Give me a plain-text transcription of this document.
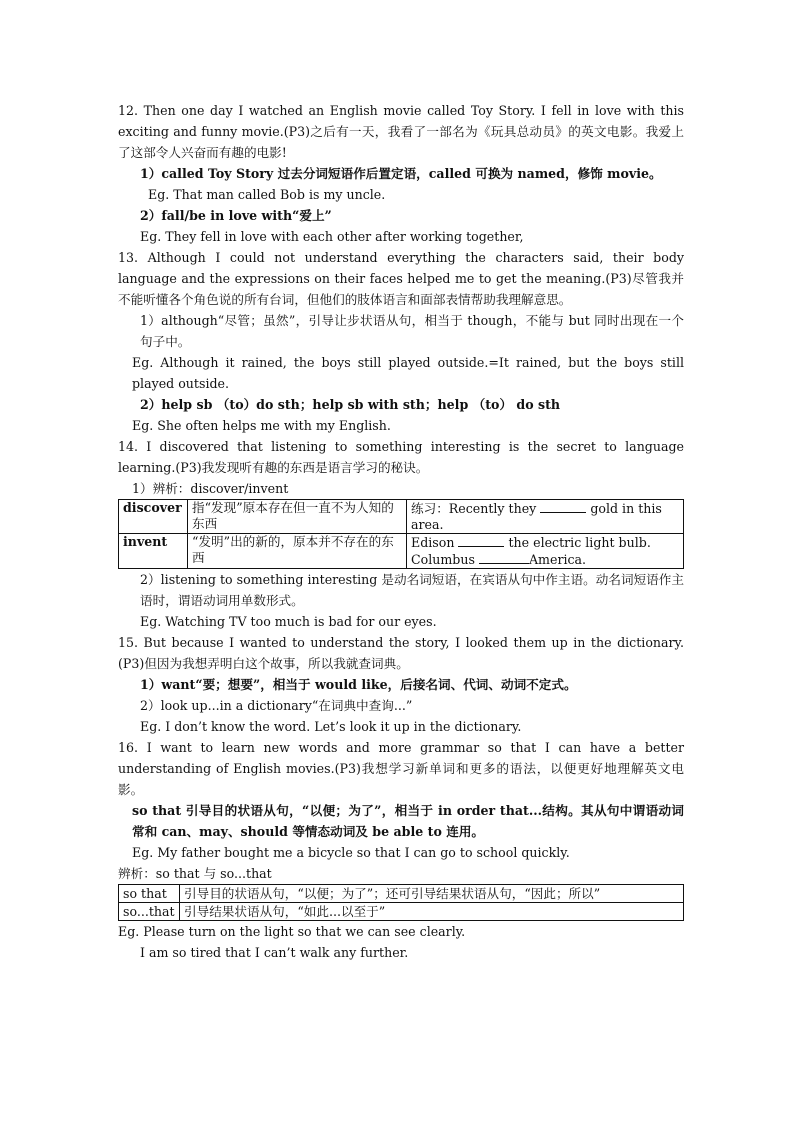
12. Then one day I watched an English movie called Toy Story. I fell in love with this exciting and funny movie.(P3)之后有一天，我看了一部名为《玩具总动员》的英文电影。我爱上了这部令人兴奋而有趣的电影!

1）called Toy Story 过去分词短语作后置定语，called 可换为 named，修饰 movie。

Eg. That man called Bob is my uncle.

2）fall/be in love with“爱上”

Eg. They fell in love with each other after working together,

13. Although I could not understand everything the characters said, their body language and the expressions on their faces helped me to get the meaning.(P3)尽管我并不能听懂各个角色说的所有台词，但他们的肢体语言和面部表情帮助我理解意思。

1）although“尽管；虽然”，引导让步状语从句，相当于 though，不能与 but 同时出现在一个句子中。

Eg. Although it rained, the boys still played outside.=It rained, but the boys still played outside.

2）help sb （to）do sth；help sb with sth；help （to） do sth

Eg. She often helps me with my English.

14. I discovered that listening to something interesting is the secret to language learning.(P3)我发现听有趣的东西是语言学习的秘诀。

1）辨析：discover/invent

discover	指“发现”原本存在但一直不为人知的东西	练习：Recently they gold in this area.
invent	“发明”出的新的，原本并不存在的东西	Edison the electric light bulb.
Columbus America.

2）listening to something interesting 是动名词短语，在宾语从句中作主语。动名词短语作主语时，谓语动词用单数形式。

Eg. Watching TV too much is bad for our eyes.

15. But because I wanted to understand the story, I looked them up in the dictionary.(P3)但因为我想弄明白这个故事，所以我就查词典。

1）want“要；想要”，相当于 would like，后接名词、代词、动词不定式。

2）look up...in a dictionary“在词典中查询...”

Eg. I don’t know the word. Let’s look it up in the dictionary.

16. I want to learn new words and more grammar so that I can have a better understanding of English movies.(P3)我想学习新单词和更多的语法，以便更好地理解英文电影。

so that 引导目的状语从句，“以便；为了”，相当于 in order that...结构。其从句中谓语动词常和 can、may、should 等情态动词及 be able to 连用。

Eg. My father bought me a bicycle so that I can go to school quickly.

辨析：so that 与 so...that

so that	引导目的状语从句，“以便；为了”；还可引导结果状语从句，“因此；所以”
so...that	引导结果状语从句，“如此...以至于”

Eg. Please turn on the light so that we can see clearly.

I am so tired that I can’t walk any further.
